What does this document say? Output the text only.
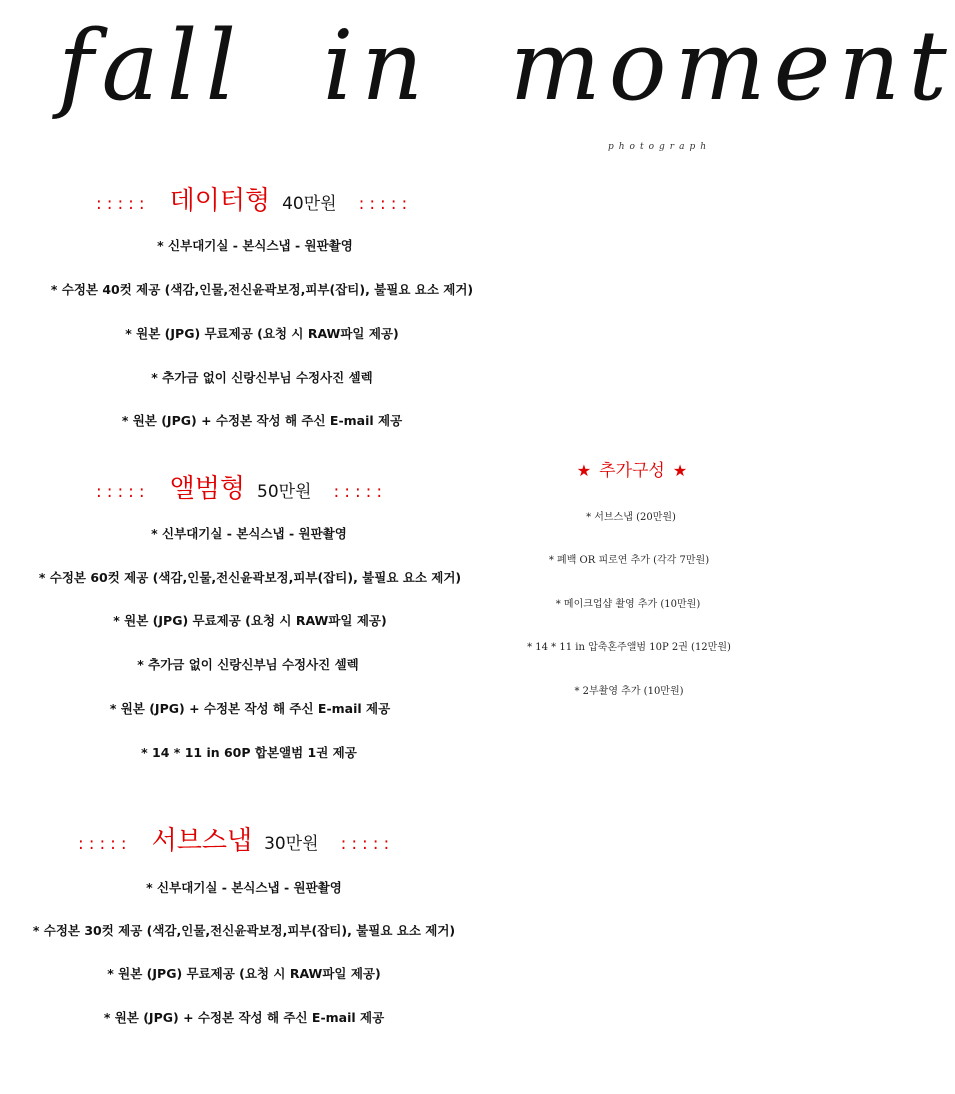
fall in moment
photograph
::::: 데이터형 40만원 :::::
* 신부대기실 - 본식스냅 - 원판촬영
* 수정본 40컷 제공 (색감,인물,전신윤곽보정,피부(잡티), 불필요 요소 제거)
* 원본 (JPG) 무료제공 (요청 시 RAW파일 제공)
* 추가금 없이 신랑신부님 수정사진 셀렉
* 원본 (JPG) + 수정본 작성 해 주신 E-mail 제공
::::: 앨범형 50만원 :::::
* 신부대기실 - 본식스냅 - 원판촬영
* 수정본 60컷 제공 (색감,인물,전신윤곽보정,피부(잡티), 불필요 요소 제거)
* 원본 (JPG) 무료제공 (요청 시 RAW파일 제공)
* 추가금 없이 신랑신부님 수정사진 셀렉
* 원본 (JPG) + 수정본 작성 해 주신 E-mail 제공
* 14 * 11 in 60P 합본앨범 1권 제공
::::: 서브스냅 30만원 :::::
* 신부대기실 - 본식스냅 - 원판촬영
* 수정본 30컷 제공 (색감,인물,전신윤곽보정,피부(잡티), 불필요 요소 제거)
* 원본 (JPG) 무료제공 (요청 시 RAW파일 제공)
* 원본 (JPG) + 수정본 작성 해 주신 E-mail 제공
★ 추가구성 ★
* 서브스냅 (20만원)
* 폐백 OR 피로연 추가 (각각 7만원)
* 메이크업샵 촬영 추가 (10만원)
* 14 * 11 in 압축혼주앨범 10P 2권 (12만원)
* 2부촬영 추가 (10만원)
